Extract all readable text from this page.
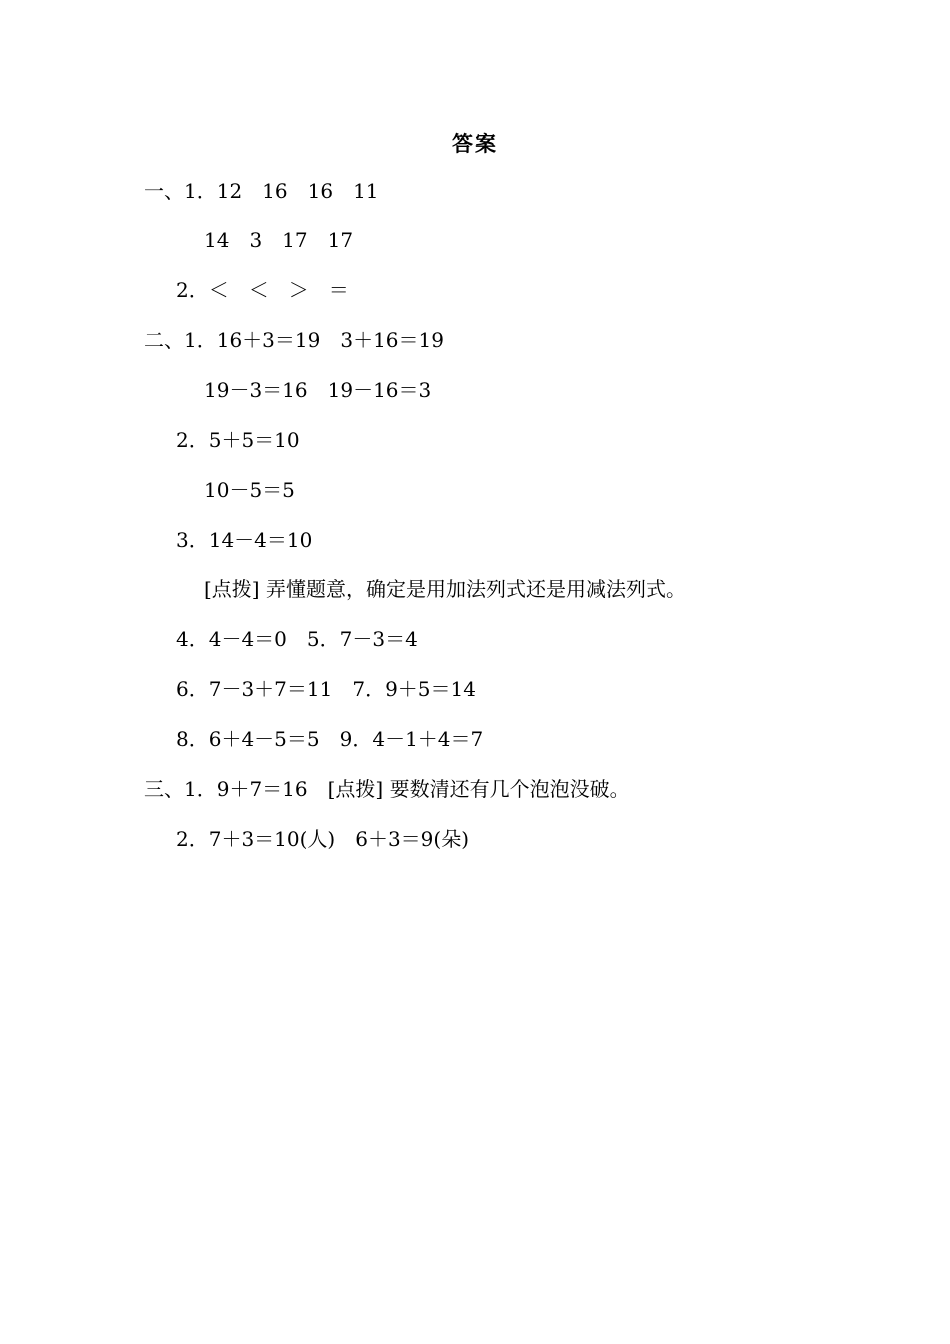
答案
一、1．12　16　16　11
14　3　17　17
2．＜　＜　＞　＝
二、1．16＋3＝19　3＋16＝19
19－3＝16　19－16＝3
2．5＋5＝10
10－5＝5
3．14－4＝10
[点拨] 弄懂题意，确定是用加法列式还是用减法列式。
4．4－4＝0　5．7－3＝4
6．7－3＋7＝11　7．9＋5＝14
8．6＋4－5＝5　9．4－1＋4＝7
三、1．9＋7＝16　[点拨] 要数清还有几个泡泡没破。
2．7＋3＝10(人)　6＋3＝9(朵)
